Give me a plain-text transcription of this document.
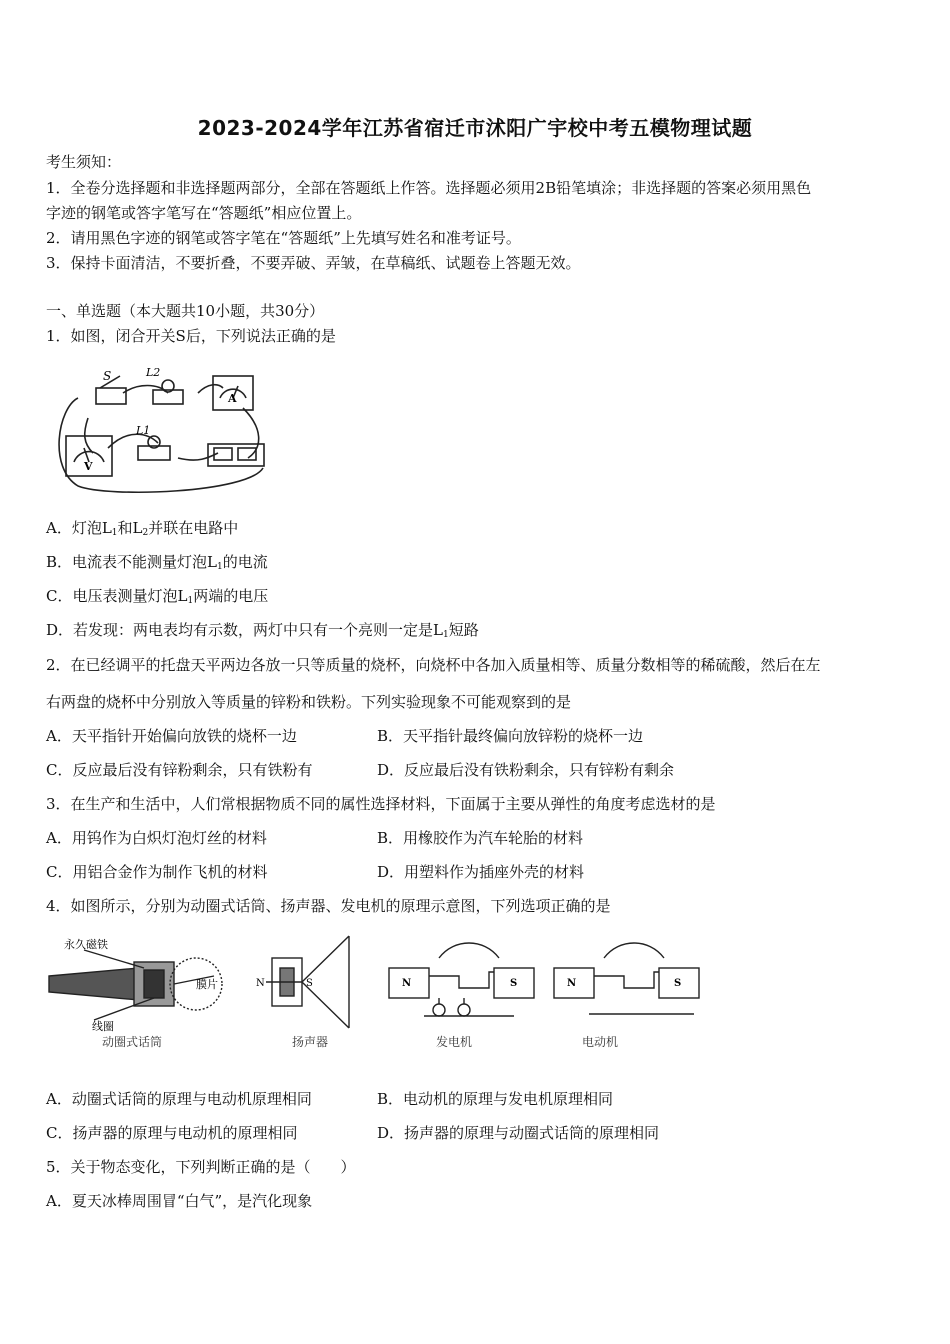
2023-2024学年江苏省宿迁市沭阳广宇校中考五模物理试题
考生须知：
1．全卷分选择题和非选择题两部分，全部在答题纸上作答。选择题必须用2B铅笔填涂；非选择题的答案必须用黑色
字迹的钢笔或答字笔写在“答题纸”相应位置上。
2．请用黑色字迹的钢笔或答字笔在“答题纸”上先填写姓名和准考证号。
3．保持卡面清洁，不要折叠，不要弄破、弄皱，在草稿纸、试题卷上答题无效。
一、单选题（本大题共10小题，共30分）
1．如图，闭合开关S后，下列说法正确的是
S	L2
L1
A
V
A．灯泡$L_1$和$L_2$并联在电路中
B．电流表不能测量灯泡$L_1$的电流
C．电压表测量灯泡$L_1$两端的电压
D．若发现：两电表均有示数，两灯中只有一个亮则一定是$L_1$短路
2．在已经调平的托盘天平两边各放一只等质量的烧杯，向烧杯中各加入质量相等、质量分数相等的稀硫酸，然后在左
右两盘的烧杯中分别放入等质量的锌粉和铁粉。下列实验现象不可能观察到的是
A．天平指针开始偏向放铁的烧杯一边	B．天平指针最终偏向放锌粉的烧杯一边
C．反应最后没有锌粉剩余，只有铁粉有	D．反应最后没有铁粉剩余，只有锌粉有剩余
3．在生产和生活中，人们常根据物质不同的属性选择材料，下面属于主要从弹性的角度考虑选材的是
A．用钨作为白炽灯泡灯丝的材料	B．用橡胶作为汽车轮胎的材料
C．用铝合金作为制作飞机的材料	D．用塑料作为插座外壳的材料
4．如图所示，分别为动圈式话筒、扬声器、发电机的原理示意图，下列选项正确的是
永久磁铁
膜片
线圈
N	S	N	S	N	S
动圈式话筒	扬声器	发电机	电动机
A．动圈式话筒的原理与电动机原理相同	B．电动机的原理与发电机原理相同
C．扬声器的原理与电动机的原理相同	D．扬声器的原理与动圈式话筒的原理相同
5．关于物态变化，下列判断正确的是（　　）
A．夏天冰棒周围冒“白气”，是汽化现象
